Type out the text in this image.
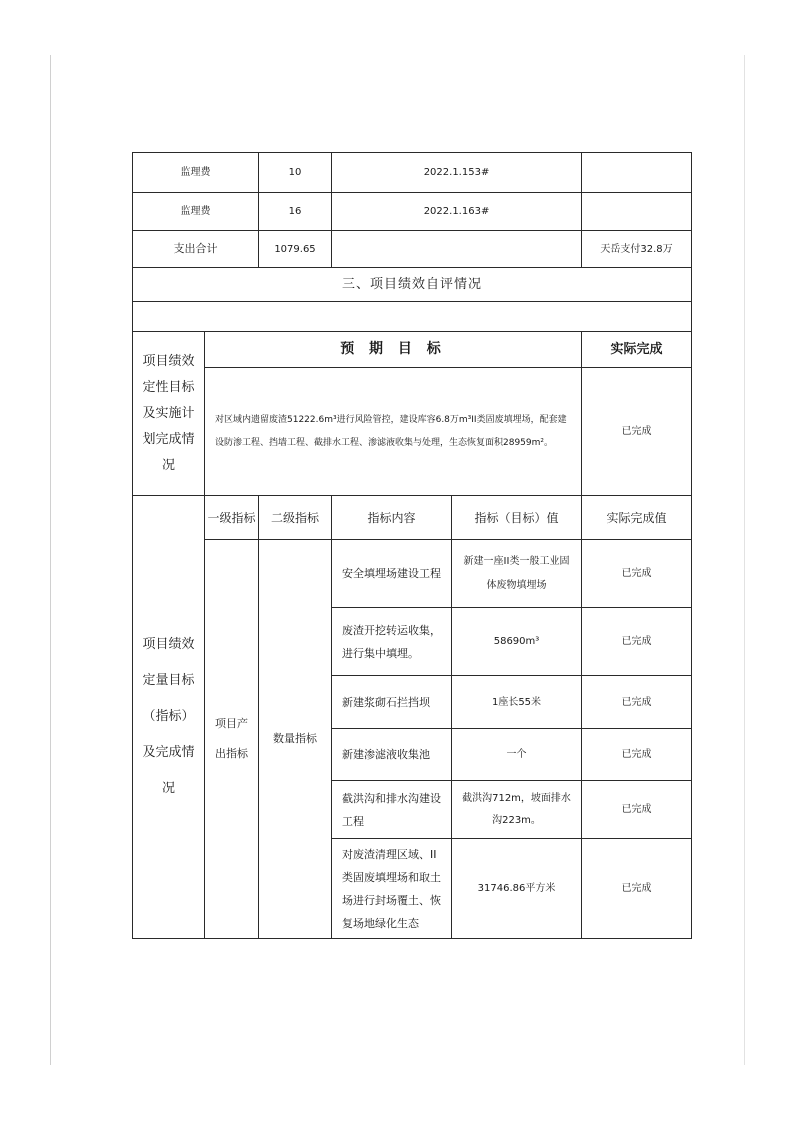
监理费		10	2022.1.153#		
监理费		16	2022.1.163#		
支出合计		1079.65			天岳支付32.8万
三、项目绩效自评情况					

项目绩效定性目标及实施计划完成情况	预 期 目 标				实际完成
	对区域内遗留废渣51222.6m³进行风险管控，建设库容6.8万m³II类固废填埋场，配套建设防渗工程、挡墙工程、截排水工程、渗滤液收集与处理，生态恢复面积28959m²。				已完成
项目绩效定量目标（指标）及完成情况	一级指标	二级指标	指标内容	指标（目标）值	实际完成值
	项目产出指标	数量指标	安全填埋场建设工程	新建一座II类一般工业固体废物填埋场	已完成
			废渣开挖转运收集，进行集中填埋。	58690m³	已完成
			新建浆砌石拦挡坝	1座长55米	已完成
			新建渗滤液收集池	一个	已完成
			截洪沟和排水沟建设工程	截洪沟712m，坡面排水沟223m。	已完成
			对废渣清理区域、II类固废填埋场和取土场进行封场覆土、恢复场地绿化生态	31746.86平方米	已完成
